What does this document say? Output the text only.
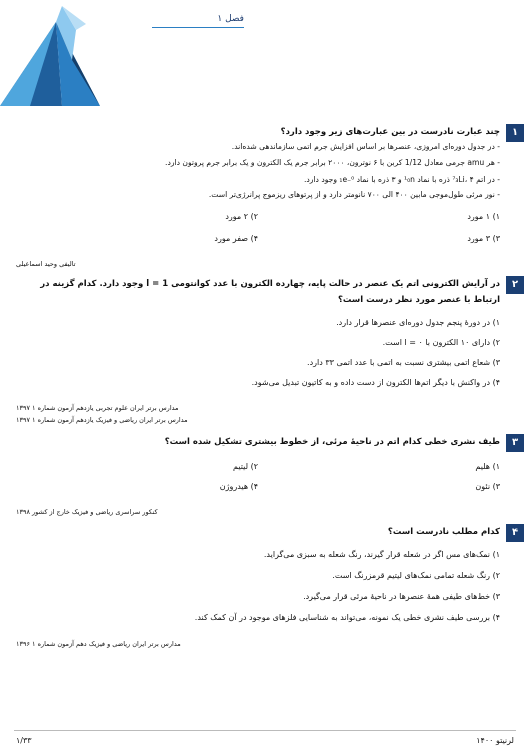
فصل ۱
۱
چند عبارت نادرست در بین عبارت‌های زیر وجود دارد؟
- در جدول دوره‌ای امروزی، عنصرها بر اساس افزایش جرم اتمی سازماندهی شده‌اند.
- هر amu جرمی معادل 1/12 کربن با ۶ نوترون، ۲۰۰۰ برابر جرم یک الکترون و یک برابر جرم پروتون دارد.
- در اتم ⁷₃Li، ۴ ذره با نماد ¹₀n و ۳ ذره با نماد ⁰₋₁e وجود دارد.
- نور مرئی طول‌موجی مابین ۴۰۰ الی ۷۰۰ نانومتر دارد و از پرتوهای ریزموج پرانرژی‌تر است.
۱) ۱ مورد
۲) ۲ مورد
۳) ۳ مورد
۴) صفر مورد
تالیفی وحید اسماعیلی
۲
در آرایش الکترونی اتم یک عنصر در حالت پایه، چهارده الکترون با عدد کوانتومی l = 1 وجود دارد. کدام گزینه در ارتباط با عنصر مورد نظر درست است؟
۱) در دورهٔ پنجم جدول دوره‌ای عنصرها قرار دارد.
۲) دارای ۱۰ الکترون با l = ۰ است.
۳) شعاع اتمی بیشتری نسبت به اتمی با عدد اتمی ۳۳ دارد.
۴) در واکنش با دیگر اتم‌ها الکترون از دست داده و به کاتیون تبدیل می‌شود.
مدارس برتر ایران علوم تجربی یازدهم آزمون شماره ۱ ۱۳۹۷
مدارس برتر ایران ریاضی و فیزیک یازدهم آزمون شماره ۱ ۱۳۹۷
۳
طیف نشری خطی کدام اتم در ناحیهٔ مرئی، از خطوط بیشتری تشکیل شده است؟
۱) هلیم
۲) لیتیم
۳) نئون
۴) هیدروژن
کنکور سراسری ریاضی و فیزیک خارج از کشور ۱۳۹۸
۴
کدام مطلب نادرست است؟
۱) نمک‌های مس اگر در شعله قرار گیرند، رنگ شعله به سبزی می‌گراید.
۲) رنگ شعله تمامی نمک‌های لیتیم قرمزرنگ است.
۳) خط‌های طیفی همهٔ عنصرها در ناحیهٔ مرئی قرار می‌گیرد.
۴) بررسی طیف نشری خطی یک نمونه، می‌تواند به شناسایی فلزهای موجود در آن کمک کند.
مدارس برتر ایران ریاضی و فیزیک دهم آزمون شماره ۱ ۱۳۹۶
لرنیتو ۱۴۰۰
۱/۳۳
